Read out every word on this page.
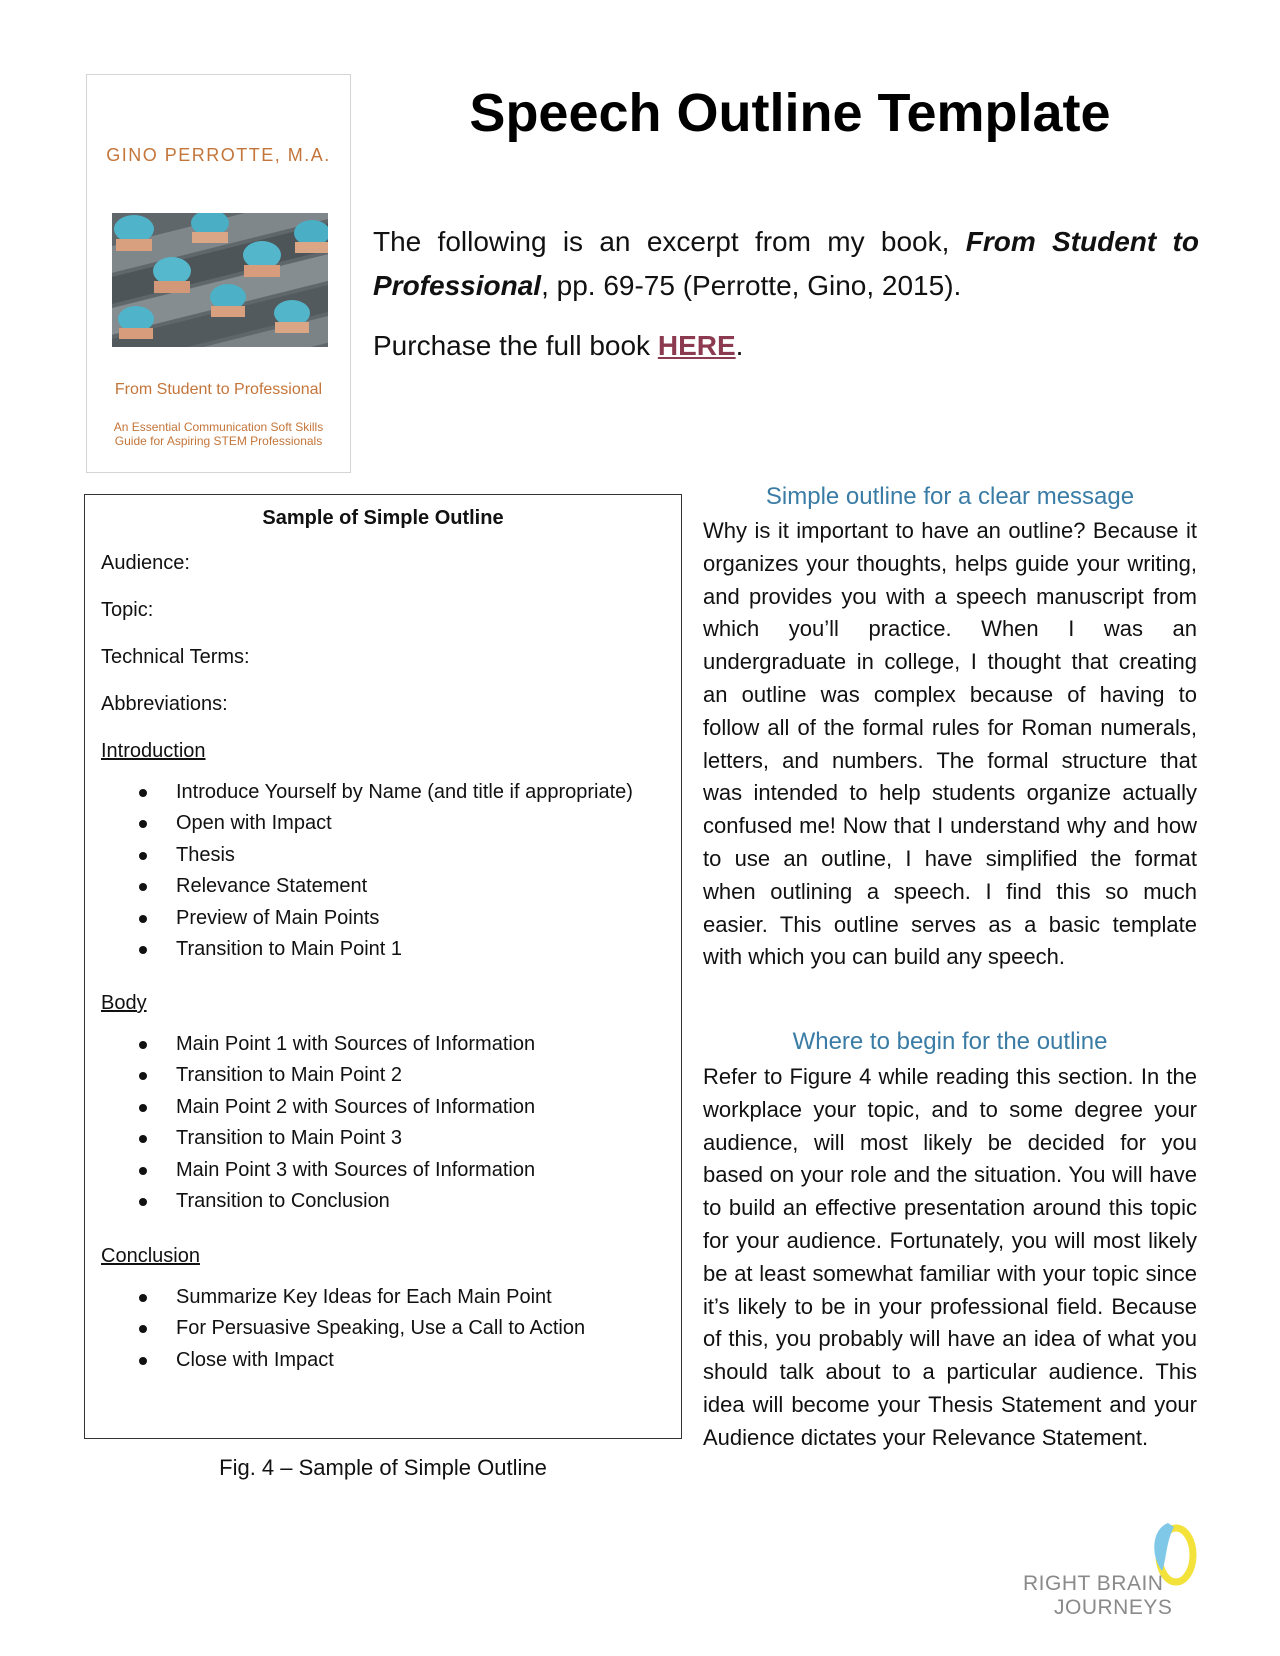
GINO PERROTTE, M.A.
From Student to Professional
An Essential Communication Soft Skills
Guide for Aspiring STEM Professionals
Speech Outline Template

The following is an excerpt from my book, From Student to Professional, pp. 69-75 (Perrotte, Gino, 2015).

Purchase the full book HERE.

Sample of Simple Outline
Audience:
Topic:
Technical Terms:
Abbreviations:
Introduction
Introduce Yourself by Name (and title if appropriate)
Open with Impact
Thesis
Relevance Statement
Preview of Main Points
Transition to Main Point 1
Body
Main Point 1 with Sources of Information
Transition to Main Point 2
Main Point 2 with Sources of Information
Transition to Main Point 3
Main Point 3 with Sources of Information
Transition to Conclusion
Conclusion
Summarize Key Ideas for Each Main Point
For Persuasive Speaking, Use a Call to Action
Close with Impact
Fig. 4 – Sample of Simple Outline
Simple outline for a clear message

Why is it important to have an outline? Because it organizes your thoughts, helps guide your writing, and provides you with a speech manuscript from which you’ll practice. When I was an undergraduate in college, I thought that creating an outline was complex because of having to follow all of the formal rules for Roman numerals, letters, and numbers. The formal structure that was intended to help students organize actually confused me! Now that I understand why and how to use an outline, I have simplified the format when outlining a speech. I find this so much easier. This outline serves as a basic template with which you can build any speech.

Where to begin for the outline

Refer to Figure 4 while reading this section. In the workplace your topic, and to some degree your audience, will most likely be decided for you based on your role and the situation. You will have to build an effective presentation around this topic for your audience. Fortunately, you will most likely be at least somewhat familiar with your topic since it’s likely to be in your professional field. Because of this, you probably will have an idea of what you should talk about to a particular audience. This idea will become your Thesis Statement and your Audience dictates your Relevance Statement.

RIGHT BRAIN
JOURNEYS
